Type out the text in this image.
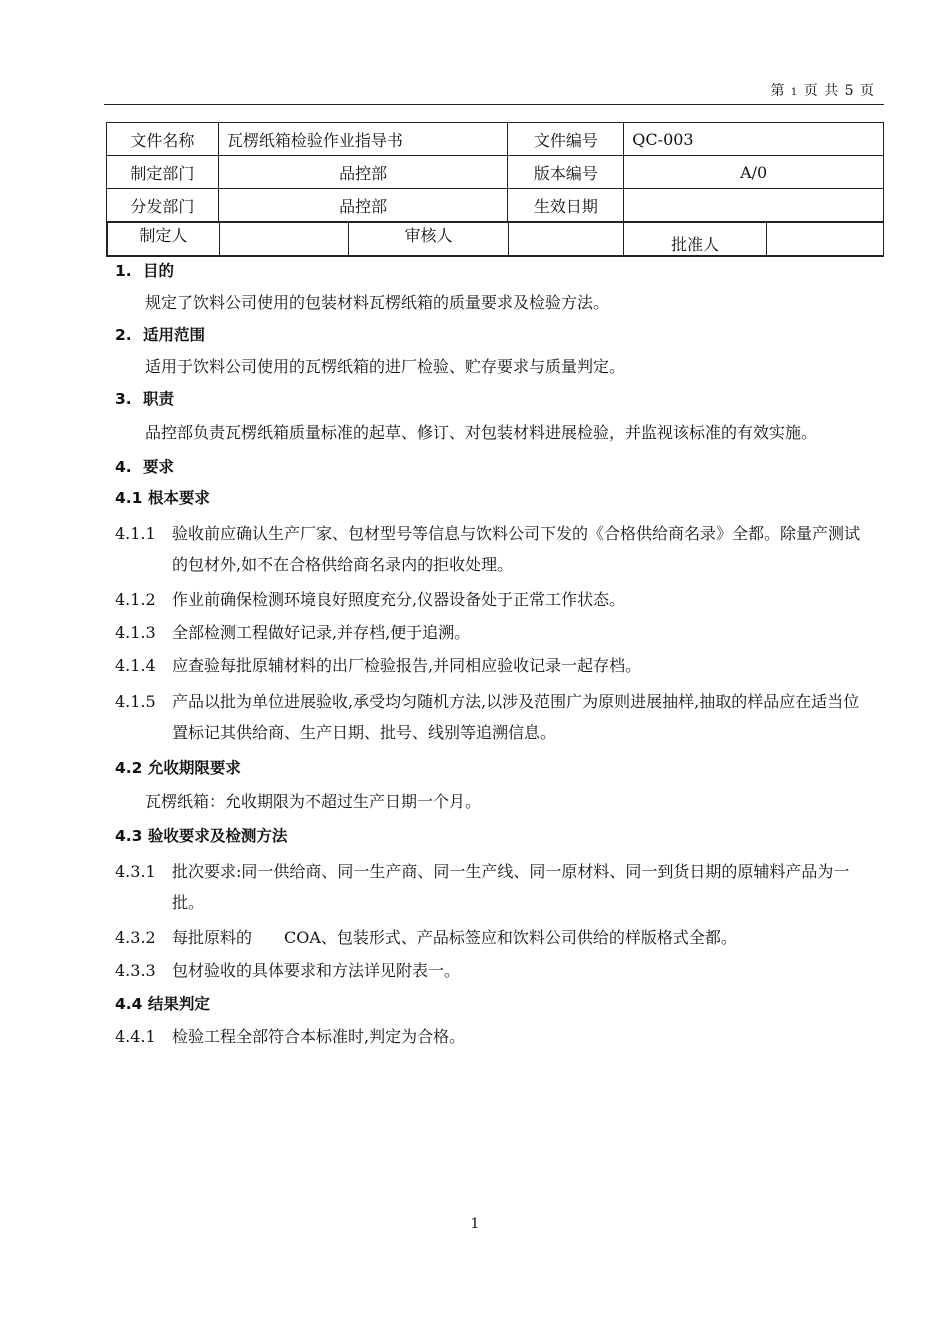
第 1 页 共 5 页
文件名称	瓦楞纸箱检验作业指导书	文件编号	QC-003
制定部门	品控部	版本编号	A/0
分发部门	品控部	生效日期	

制定人		审核人		批准人	
1. 目的
规定了饮料公司使用的包装材料瓦楞纸箱的质量要求及检验方法。
2. 适用范围
适用于饮料公司使用的瓦楞纸箱的进厂检验、贮存要求与质量判定。
3. 职责
品控部负责瓦楞纸箱质量标准的起草、修订、对包装材料进展检验，并监视该标准的有效实施。
4. 要求
4.1 根本要求
4.1.1 验收前应确认生产厂家、包材型号等信息与饮料公司下发的《合格供给商名录》全都。除量产测试的包材外,如不在合格供给商名录内的拒收处理。
4.1.2 作业前确保检测环境良好照度充分,仪器设备处于正常工作状态。
4.1.3 全部检测工程做好记录,并存档,便于追溯。
4.1.4 应查验每批原辅材料的出厂检验报告,并同相应验收记录一起存档。
4.1.5 产品以批为单位进展验收,承受均匀随机方法,以涉及范围广为原则进展抽样,抽取的样品应在适当位置标记其供给商、生产日期、批号、线别等追溯信息。
4.2 允收期限要求
瓦楞纸箱：允收期限为不超过生产日期一个月。
4.3 验收要求及检测方法
4.3.1 批次要求:同一供给商、同一生产商、同一生产线、同一原材料、同一到货日期的原辅料产品为一批。
4.3.2 每批原料的　　COA、包装形式、产品标签应和饮料公司供给的样版格式全都。
4.3.3 包材验收的具体要求和方法详见附表一。
4.4 结果判定
4.4.1 检验工程全部符合本标准时,判定为合格。
1
